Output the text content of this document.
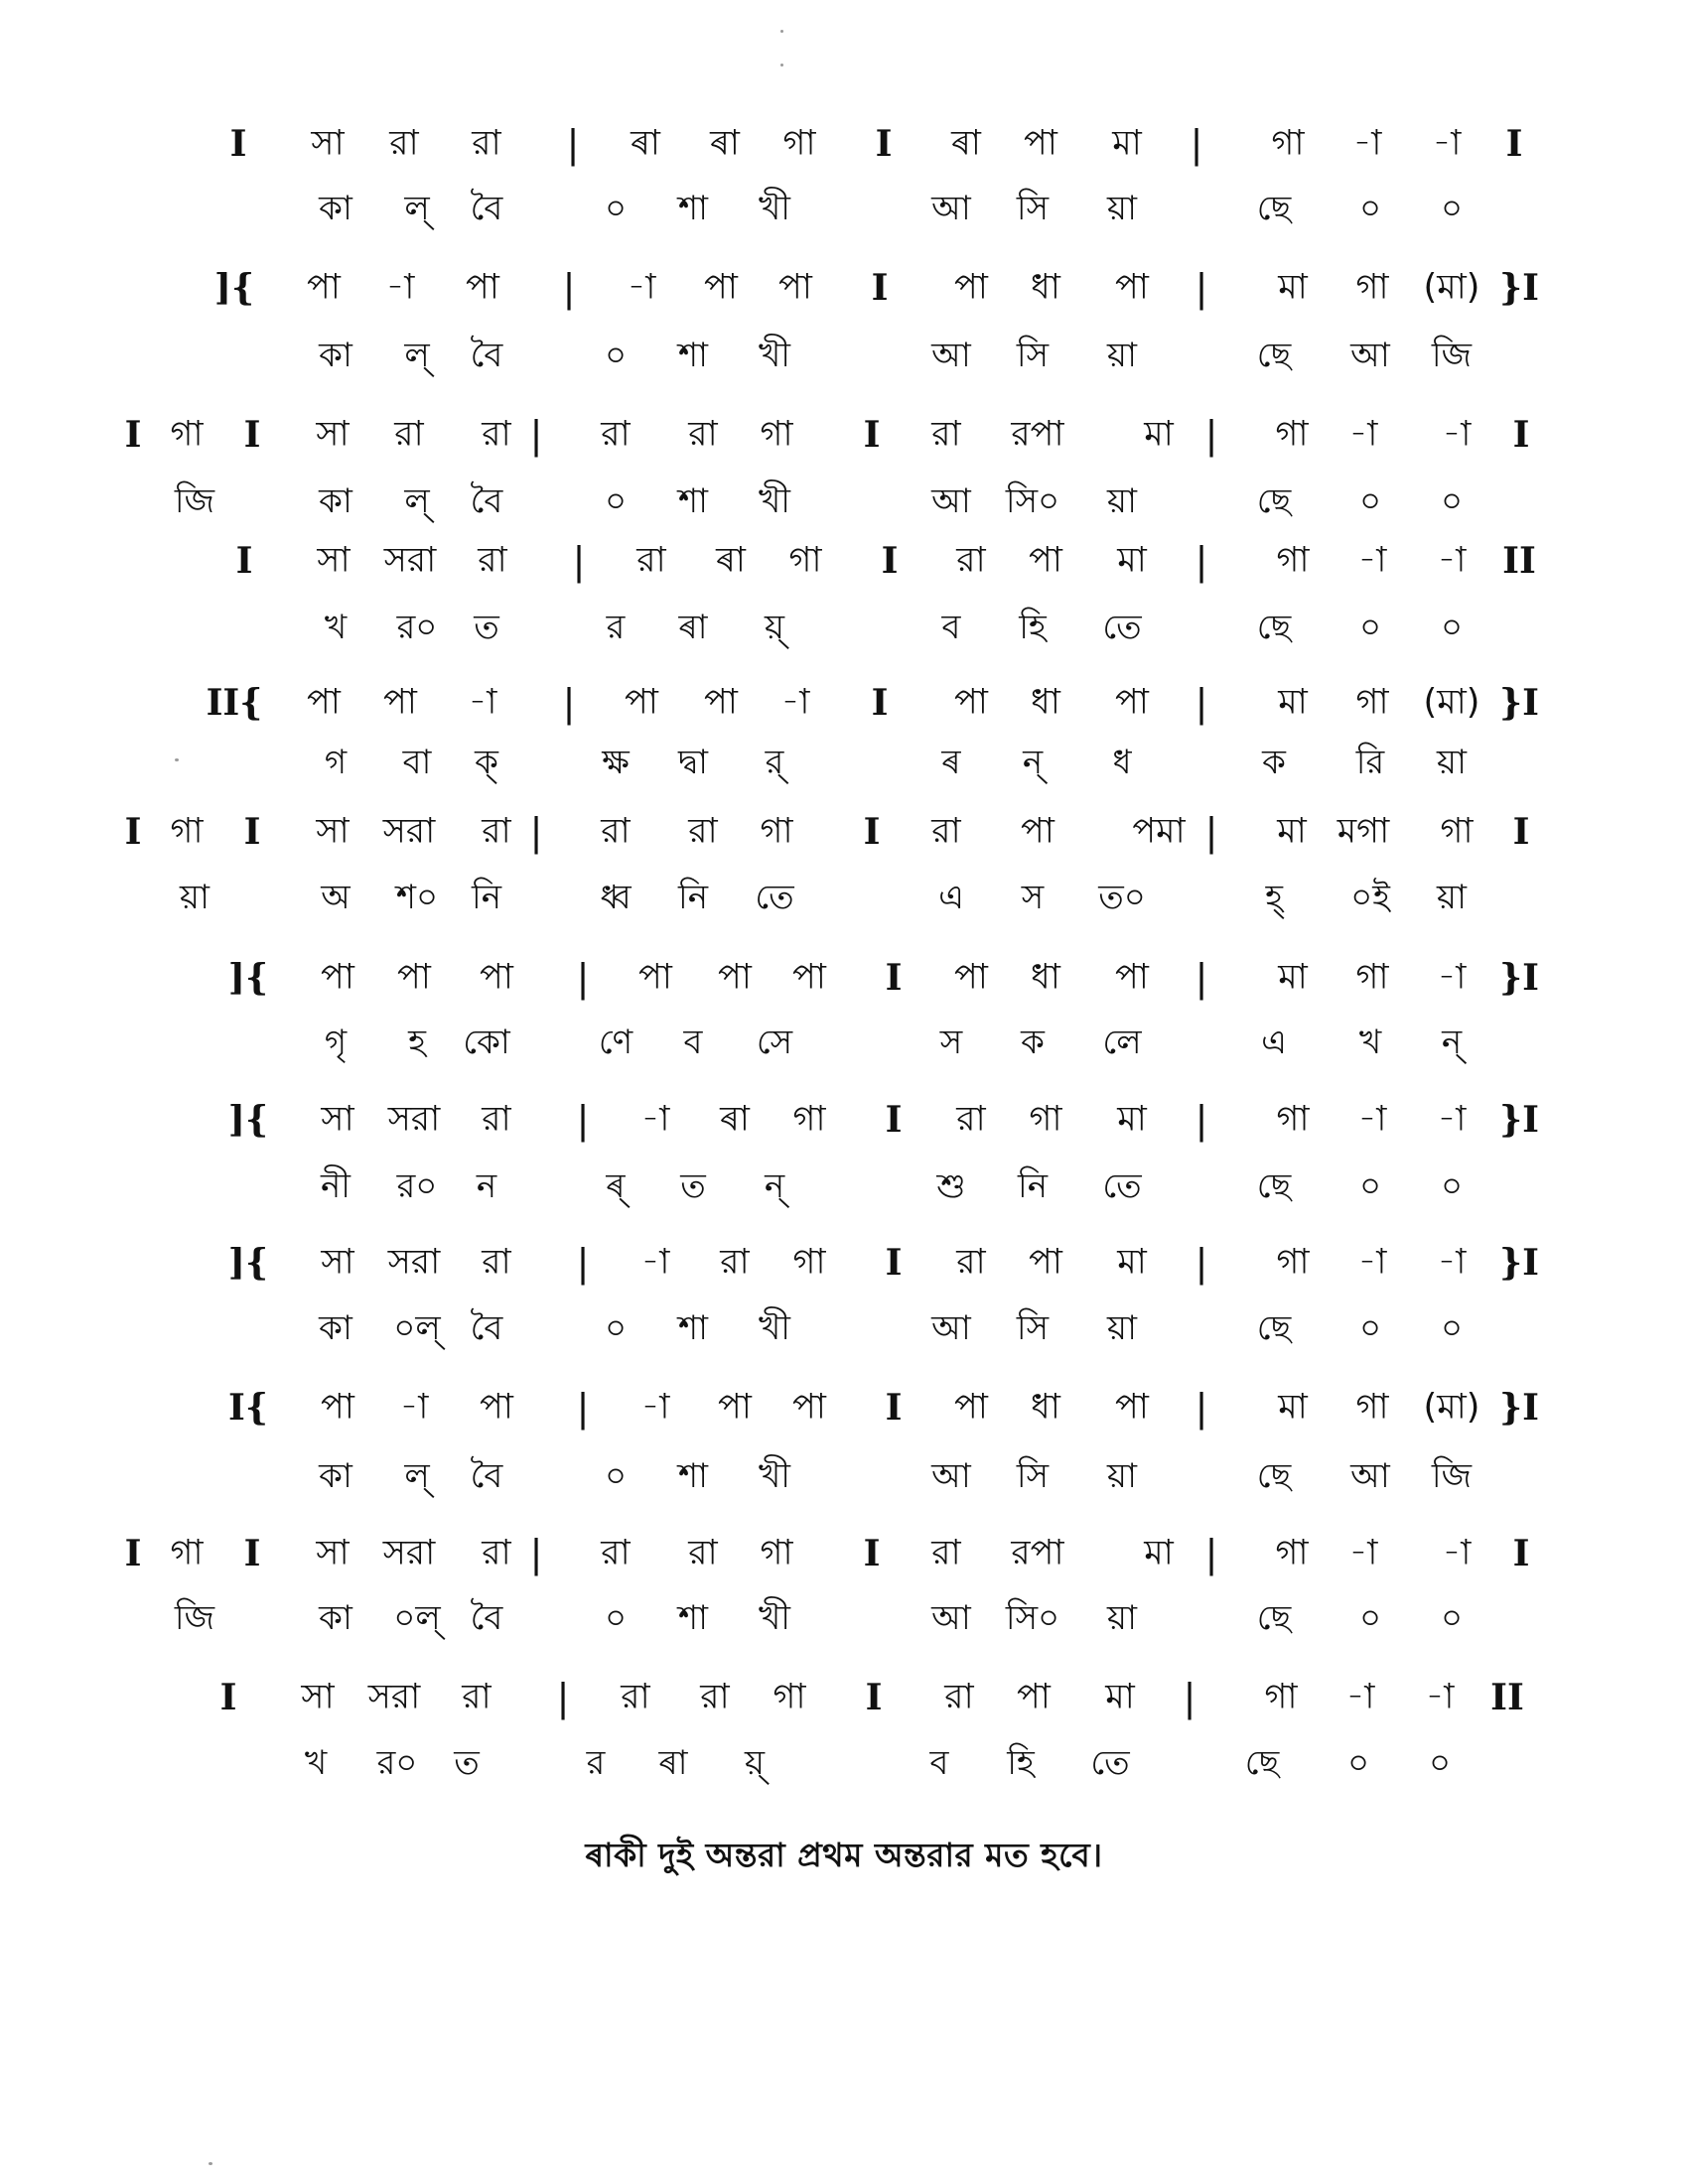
I সা রা রা | ৰা ৰা গা I ৰা পা মা | গা -া -া I
কা ল্ বৈ	০ শা খী	আ সি য়া	ছে ০ ০
]{ পা -া পা | -া পা পা I পা ধা পা | মা গা (মা) }I
কা ল্ বৈ	০ শা খী	আ সি য়া	ছে আ জি
I গা I সা রা রা | রা রা গা I রা রপা মা | গা -া -া I
জি	কা ল্ বৈ	০ শা খী	আ সি০ য়া	ছে ০ ০
I সা সরা রা | রা ৰা গা I রা পা মা | গা -া -া II
খ র০ ত	র ৰা য়্	ব হি তে	ছে ০ ০
II{ পা পা -া | পা পা -া I পা ধা পা | মা গা (মা) }I
গ বা ক্	ক্ষ দ্বা র্	ৰ ন্ ধ	ক রি য়া
I গা I সা সরা রা | রা রা গা I রা পা পমা | মা মগা গা I
য়া	অ শ০ নি	ধ্ব নি তে	এ স ত০	হ্ ০ই য়া
]{ পা পা পা | পা পা পা I পা ধা পা | মা গা -া }I
গৃ হ কো	ণে ব সে	স ক লে	এ খ ন্
]{ সা সরা রা | -া ৰা গা I রা গা মা | গা -া -া }I
নী র০ ন	ৰ্ ত ন্	শু নি তে	ছে ০ ০
]{ সা সরা রা | -া রা গা I রা পা মা | গা -া -া }I
কা ০ল্ বৈ	০ শা খী	আ সি য়া	ছে ০ ০
I{ পা -া পা | -া পা পা I পা ধা পা | মা গা (মা) }I
কা ল্ বৈ	০ শা খী	আ সি য়া	ছে আ জি
I গা I সা সরা রা | রা রা গা I রা রপা মা | গা -া -া I
জি	কা ০ল্ বৈ	০ শা খী	আ সি০ য়া	ছে ০ ০
I সা সরা রা | রা রা গা I রা পা মা | গা -া -া II
খ র০ ত	র ৰা য়্	ব হি তে	ছে ০ ০
ৰাকী দুই অন্তরা প্রথম অন্তরার মত হবে।
